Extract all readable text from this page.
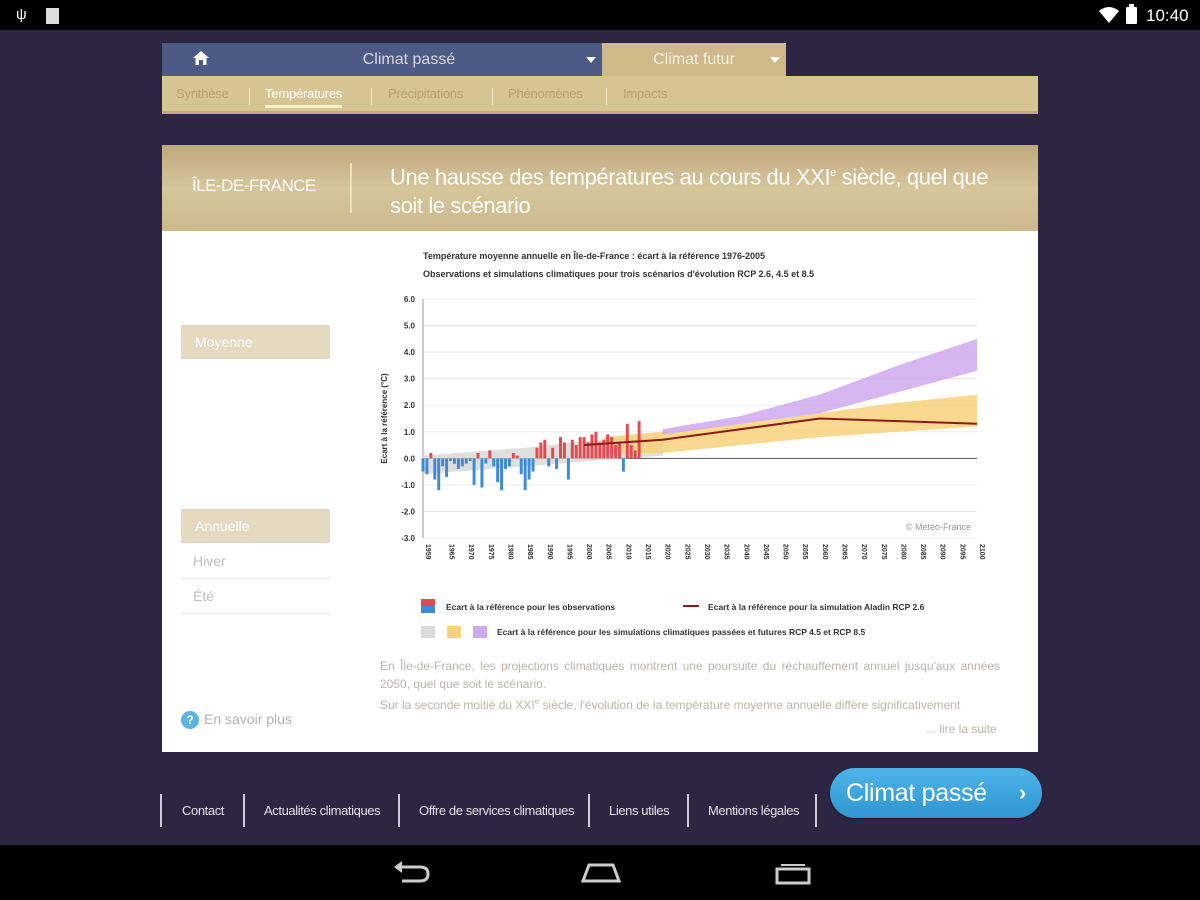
ψ	10:40
Climat passé	Climat futur
Synthèse	Températures	Précipitations	Phénomènes	Impacts
ÎLE-DE-FRANCE	Une hausse des températures au cours du XXIe siècle, quel que soit le scénario
Moyenne
Annuelle
Hiver
Été
? En savoir plus
Température moyenne annuelle en Île-de-France : écart à la référence 1976-2005
Observations et simulations climatiques pour trois scénarios d'évolution RCP 2.6, 4.5 et 8.5
6.0
5.0
4.0
3.0
2.0
1.0
0.0
-1.0
-2.0
-3.0
Ecart à la référence (°C)
1959 1965 1970 1975 1980 1985 1990 1995 2000 2005 2010 2015 2020 2025 2030 2035 2040 2045 2050 2055 2060 2065 2070 2075 2080 2085 2090 2095 2100
© Météo-France
Ecart à la référence pour les observations	Ecart à la référence pour la simulation Aladin RCP 2.6
Ecart à la référence pour les simulations climatiques passées et futures RCP 4.5 et RCP 8.5
En Île-de-France, les projections climatiques montrent une poursuite du réchauffement annuel jusqu'aux années 2050, quel que soit le scénario.
Sur la seconde moitié du XXIe siècle, l'évolution de la température moyenne annuelle diffère significativement
... lire la suite
Contact	Actualités climatiques	Offre de services climatiques	Liens utiles	Mentions légales
Climat passé ›
